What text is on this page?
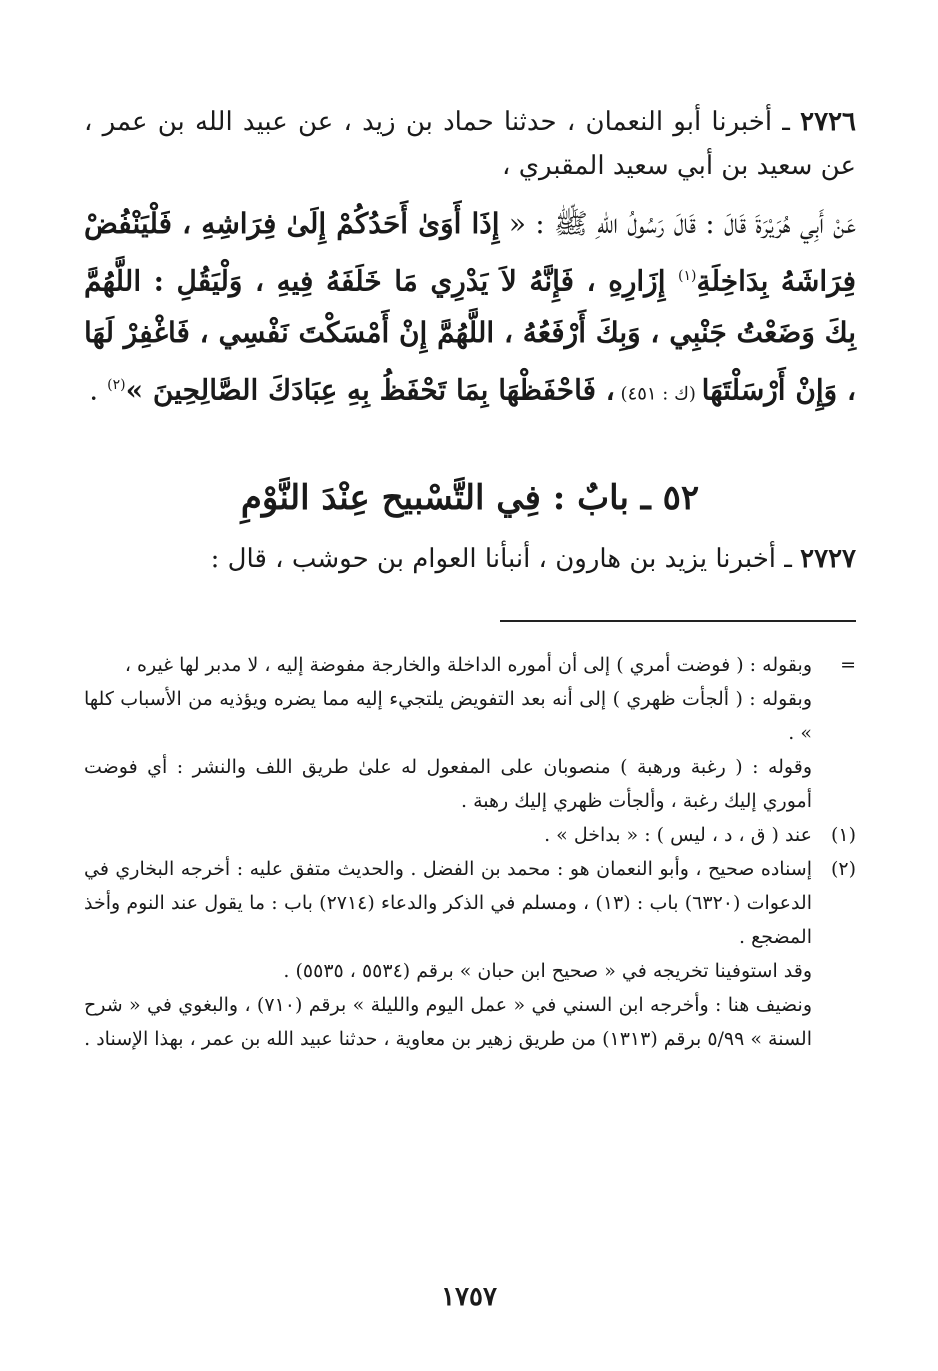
٢٧٢٦ ـ أخبرنا أبو النعمان ، حدثنا حماد بن زيد ، عن عبيد الله بن عمر ، عن سعيد بن أبي سعيد المقبري ،

عَنْ أَبِي هُرَيْرَةَ قَالَ : قَالَ رَسُولُ اللهِ ﷺ : « إِذَا أَوَىٰ أَحَدُكُمْ إِلَىٰ فِرَاشِهِ ، فَلْيَنْفُضْ فِرَاشَهُ بِدَاخِلَةِ$^{(١)}$ إِزَارِهِ ، فَإِنَّهُ لاَ يَدْرِي مَا خَلَفَهُ فِيهِ ، وَلْيَقُلِ : اللَّهُمَّ بِكَ وَضَعْتُ جَنْبِي ، وَبِكَ أَرْفَعُهُ ، اللَّهُمَّ إِنْ أَمْسَكْتَ نَفْسِي ، فَاغْفِرْ لَهَا ، وَإِنْ أَرْسَلْتَهَا (ك : ٤٥١) ، فَاحْفَظْهَا بِمَا تَحْفَظُ بِهِ عِبَادَكَ الصَّالِحِينَ »$^{(٢)}$ .

٥٢ ـ بابٌ : فِي التَّسْبيح عِنْدَ النَّوْمِ

٢٧٢٧ ـ أخبرنا يزيد بن هارون ، أنبأنا العوام بن حوشب ، قال :

=
وبقوله : ( فوضت أمري ) إلى أن أموره الداخلة والخارجة مفوضة إليه ، لا مدبر لها غيره ،
وبقوله : ( ألجأت ظهري ) إلى أنه بعد التفويض يلتجيء إليه مما يضره ويؤذيه من الأسباب كلها » .
وقوله : ( رغبة ورهبة ) منصوبان على المفعول له علىٰ طريق اللف والنشر : أي فوضت أموري إليك رغبة ، وألجأت ظهري إليك رهبة .
(١)
عند ( ق ، د ، ليس ) : « بداخل » .
(٢)
إسناده صحيح ، وأبو النعمان هو : محمد بن الفضل . والحديث متفق عليه : أخرجه البخاري في الدعوات (٦٣٢٠) باب : (١٣) ، ومسلم في الذكر والدعاء (٢٧١٤) باب : ما يقول عند النوم وأخذ المضجع .
وقد استوفينا تخريجه في « صحيح ابن حبان » برقم (٥٥٣٤ ، ٥٥٣٥) .
ونضيف هنا : وأخرجه ابن السني في « عمل اليوم والليلة » برقم (٧١٠) ، والبغوي في « شرح السنة » ٥/٩٩ برقم (١٣١٣) من طريق زهير بن معاوية ، حدثنا عبيد الله بن عمر ، بهذا الإسناد .
١٧٥٧
